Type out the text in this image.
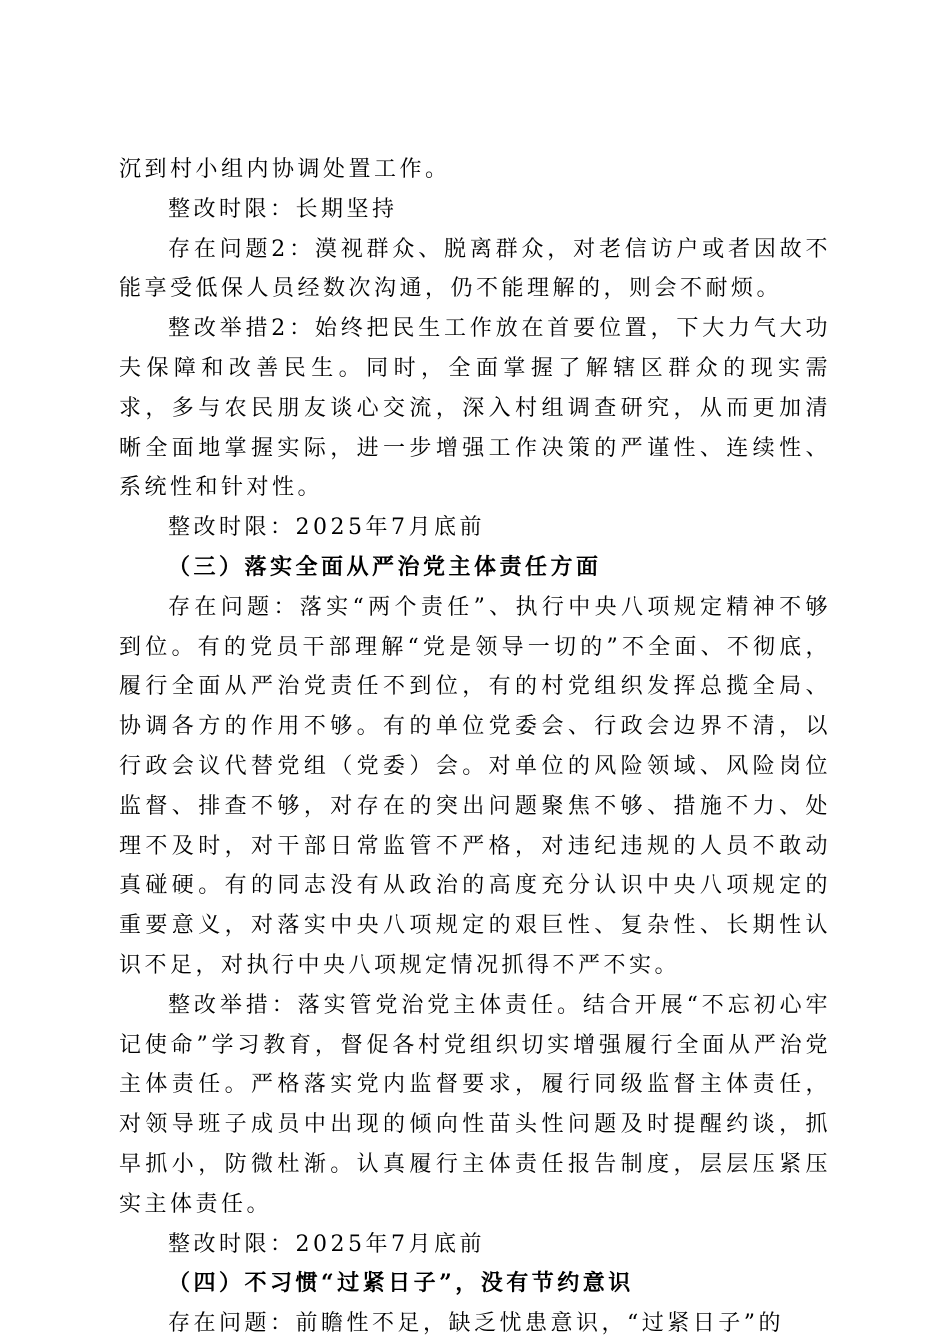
沉到村小组内协调处置工作。

整改时限：长期坚持

存在问题2：漠视群众、脱离群众，对老信访户或者因故不能享受低保人员经数次沟通，仍不能理解的，则会不耐烦。

整改举措2：始终把民生工作放在首要位置，下大力气大功夫保障和改善民生。同时，全面掌握了解辖区群众的现实需求，多与农民朋友谈心交流，深入村组调查研究，从而更加清晰全面地掌握实际，进一步增强工作决策的严谨性、连续性、系统性和针对性。

整改时限：2025年7月底前

（三）落实全面从严治党主体责任方面

存在问题：落实“两个责任”、执行中央八项规定精神不够到位。有的党员干部理解“党是领导一切的”不全面、不彻底，履行全面从严治党责任不到位，有的村党组织发挥总揽全局、协调各方的作用不够。有的单位党委会、行政会边界不清，以行政会议代替党组（党委）会。对单位的风险领域、风险岗位监督、排查不够，对存在的突出问题聚焦不够、措施不力、处理不及时，对干部日常监管不严格，对违纪违规的人员不敢动真碰硬。有的同志没有从政治的高度充分认识中央八项规定的重要意义，对落实中央八项规定的艰巨性、复杂性、长期性认识不足，对执行中央八项规定情况抓得不严不实。

整改举措：落实管党治党主体责任。结合开展“不忘初心牢记使命”学习教育，督促各村党组织切实增强履行全面从严治党主体责任。严格落实党内监督要求，履行同级监督主体责任，对领导班子成员中出现的倾向性苗头性问题及时提醒约谈，抓早抓小，防微杜渐。认真履行主体责任报告制度，层层压紧压实主体责任。

整改时限：2025年7月底前

（四）不习惯“过紧日子”，没有节约意识

存在问题：前瞻性不足，缺乏忧患意识，“过紧日子”的
